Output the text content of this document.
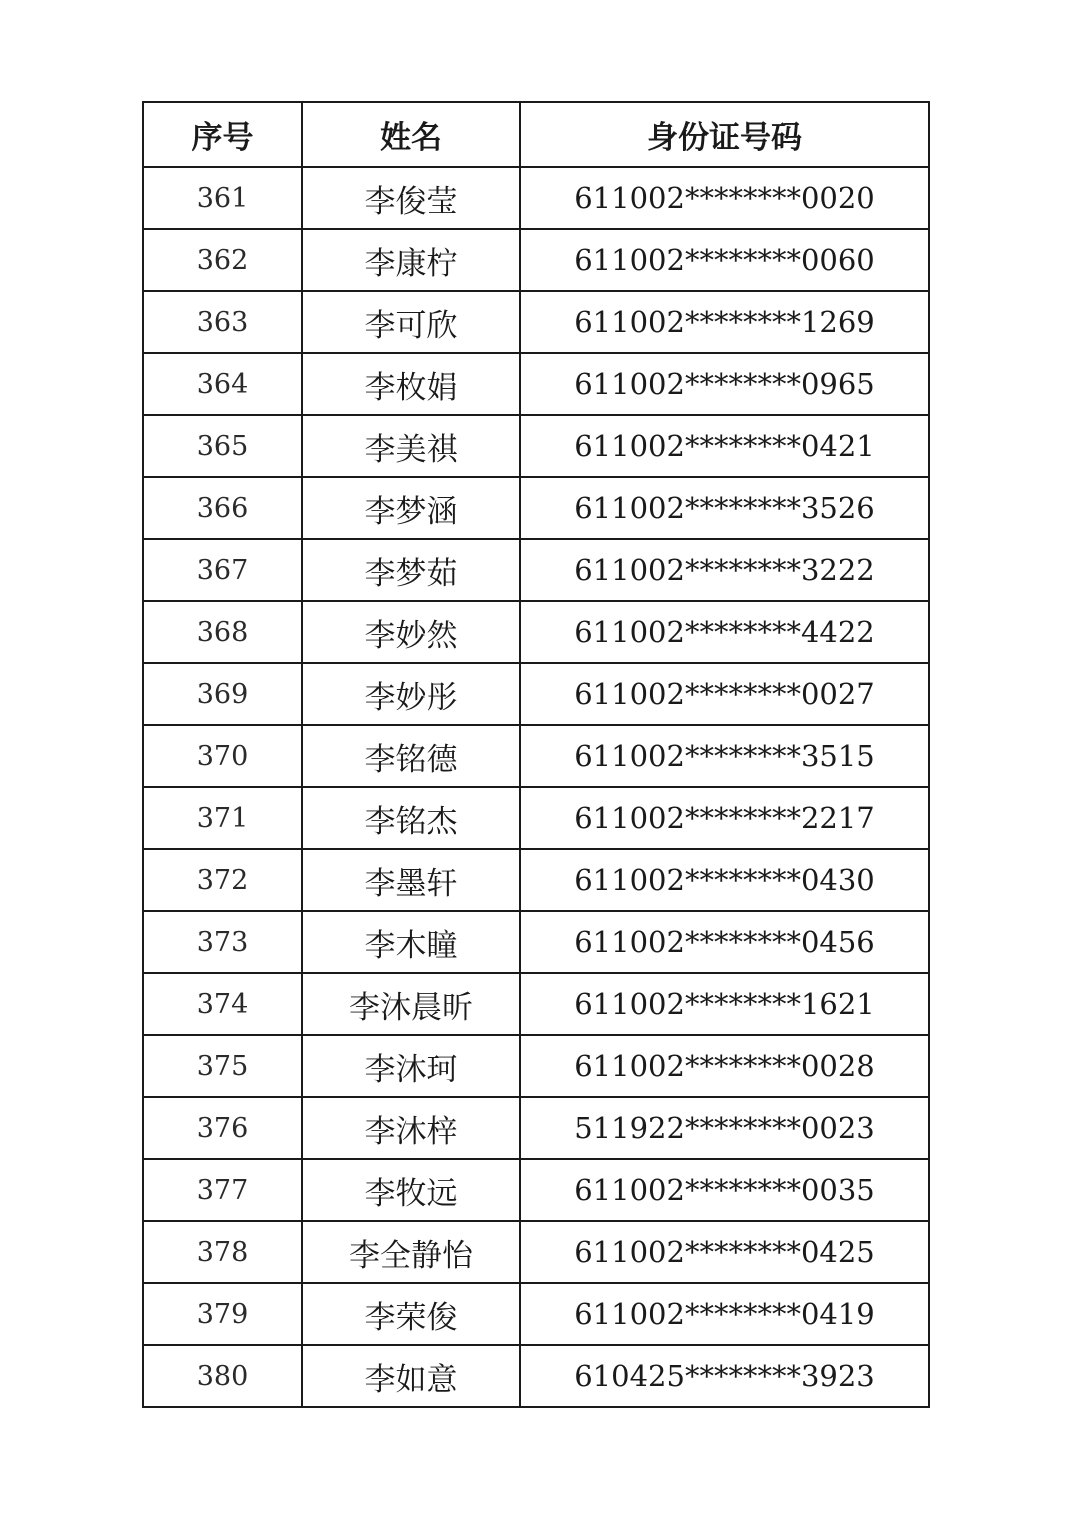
序号	姓名	身份证号码
361	李俊莹	611002********0020
362	李康柠	611002********0060
363	李可欣	611002********1269
364	李枚娟	611002********0965
365	李美祺	611002********0421
366	李梦涵	611002********3526
367	李梦茹	611002********3222
368	李妙然	611002********4422
369	李妙彤	611002********0027
370	李铭德	611002********3515
371	李铭杰	611002********2217
372	李墨轩	611002********0430
373	李木瞳	611002********0456
374	李沐晨昕	611002********1621
375	李沐珂	611002********0028
376	李沐梓	511922********0023
377	李牧远	611002********0035
378	李全静怡	611002********0425
379	李荣俊	611002********0419
380	李如意	610425********3923
